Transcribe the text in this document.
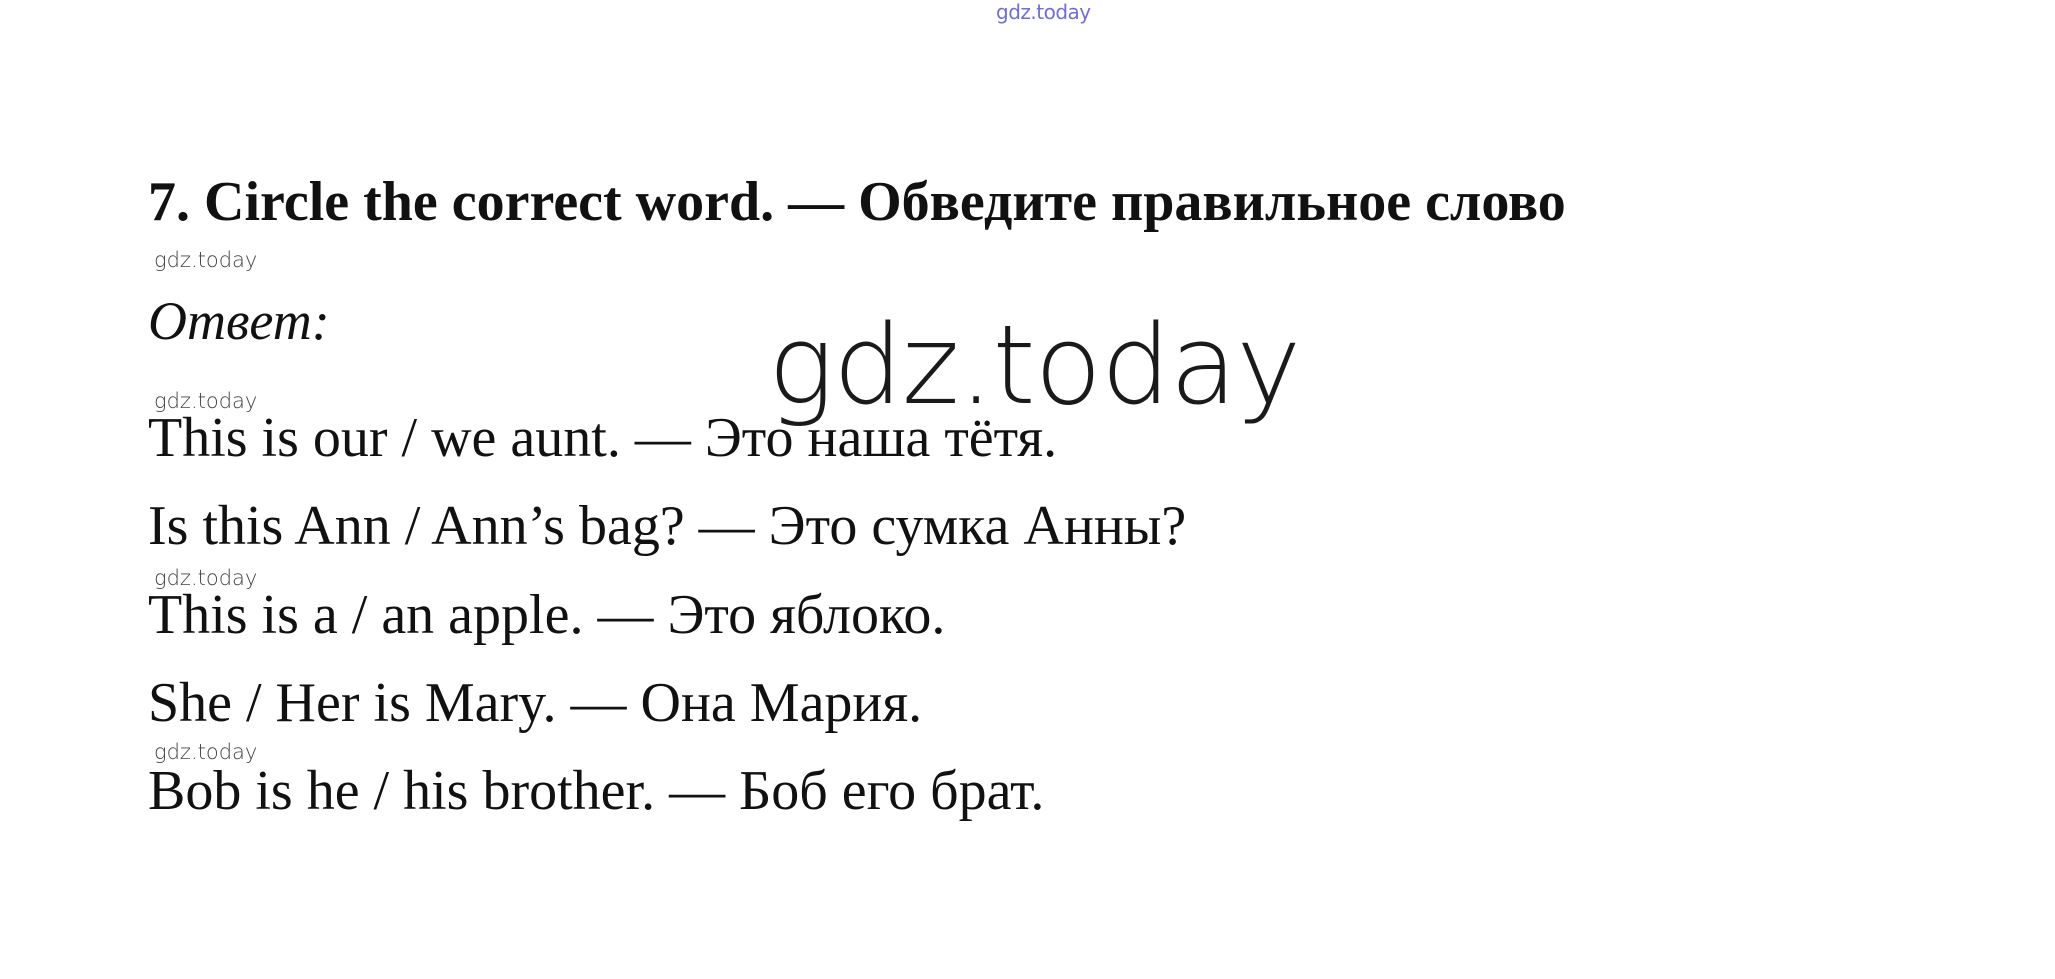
gdz.today
7. Circle the correct word. — Обведите правильное слово
gdz.today
Ответ:	gdz.today
gdz.today
This is our / we aunt. — Это наша тётя.
Is this Ann / Ann’s bag? — Это сумка Анны?
gdz.today
This is a / an apple. — Это яблоко.
She / Her is Mary. — Она Мария.
gdz.today
Bob is he / his brother. — Боб его брат.
